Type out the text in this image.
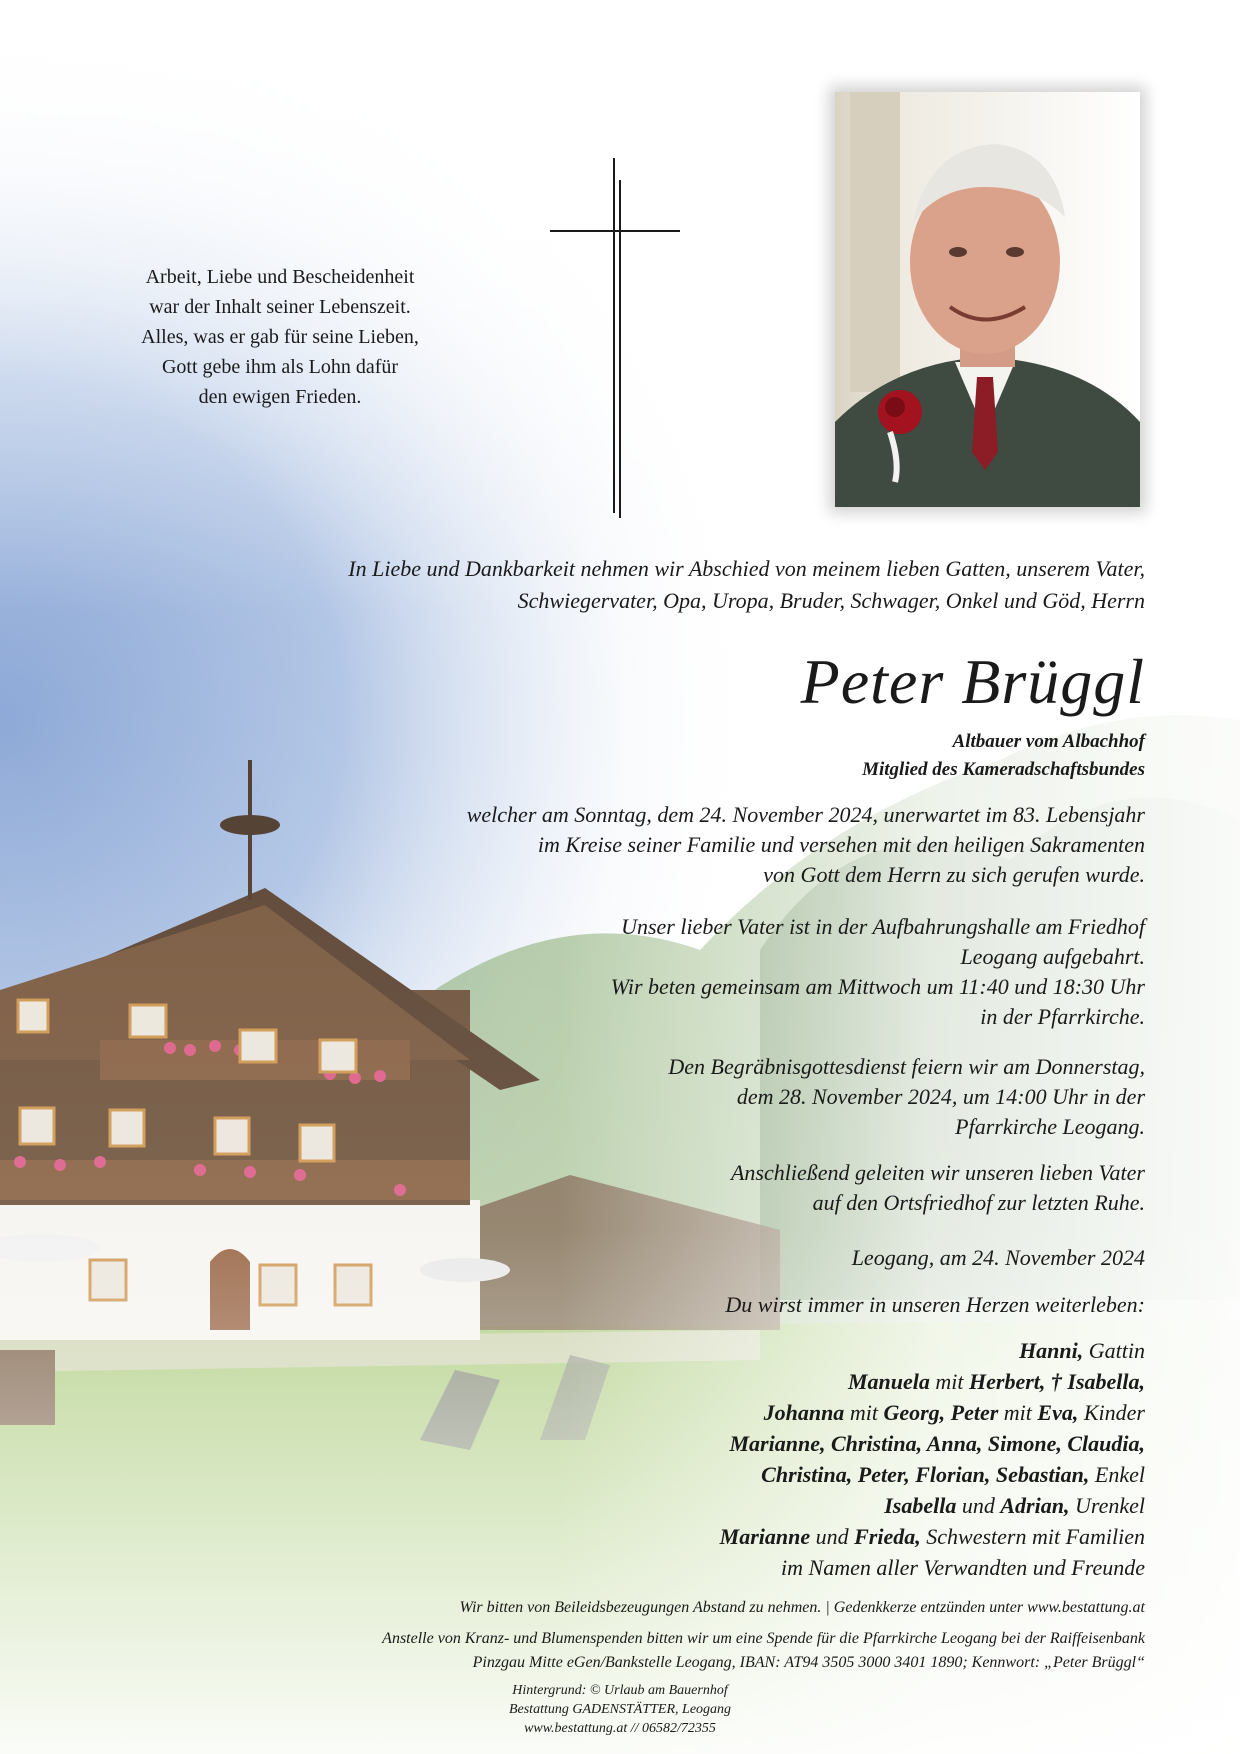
Arbeit, Liebe und Bescheidenheit
war der Inhalt seiner Lebenszeit.
Alles, was er gab für seine Lieben,
Gott gebe ihm als Lohn dafür
den ewigen Frieden.
In Liebe und Dankbarkeit nehmen wir Abschied von meinem lieben Gatten, unserem Vater,
Schwiegervater, Opa, Uropa, Bruder, Schwager, Onkel und Göd, Herrn
Peter Brüggl
Altbauer vom Albachhof
Mitglied des Kameradschaftsbundes
welcher am Sonntag, dem 24. November 2024, unerwartet im 83. Lebensjahr
im Kreise seiner Familie und versehen mit den heiligen Sakramenten
von Gott dem Herrn zu sich gerufen wurde.
Unser lieber Vater ist in der Aufbahrungshalle am Friedhof
Leogang aufgebahrt.
Wir beten gemeinsam am Mittwoch um 11:40 und 18:30 Uhr
in der Pfarrkirche.
Den Begräbnisgottesdienst feiern wir am Donnerstag,
dem 28. November 2024, um 14:00 Uhr in der
Pfarrkirche Leogang.
Anschließend geleiten wir unseren lieben Vater
auf den Ortsfriedhof zur letzten Ruhe.
Leogang, am 24. November 2024
Du wirst immer in unseren Herzen weiterleben:
Hanni, Gattin
Manuela mit Herbert, † Isabella,
Johanna mit Georg, Peter mit Eva, Kinder
Marianne, Christina, Anna, Simone, Claudia,
Christina, Peter, Florian, Sebastian, Enkel
Isabella und Adrian, Urenkel
Marianne und Frieda, Schwestern mit Familien
im Namen aller Verwandten und Freunde
Wir bitten von Beileidsbezeugungen Abstand zu nehmen. | Gedenkkerze entzünden unter www.bestattung.at
Anstelle von Kranz- und Blumenspenden bitten wir um eine Spende für die Pfarrkirche Leogang bei der Raiffeisenbank
Pinzgau Mitte eGen/Bankstelle Leogang, IBAN: AT94 3505 3000 3401 1890; Kennwort: „Peter Brüggl“
Hintergrund: © Urlaub am Bauernhof
Bestattung GADENSTÄTTER, Leogang
www.bestattung.at // 06582/72355
